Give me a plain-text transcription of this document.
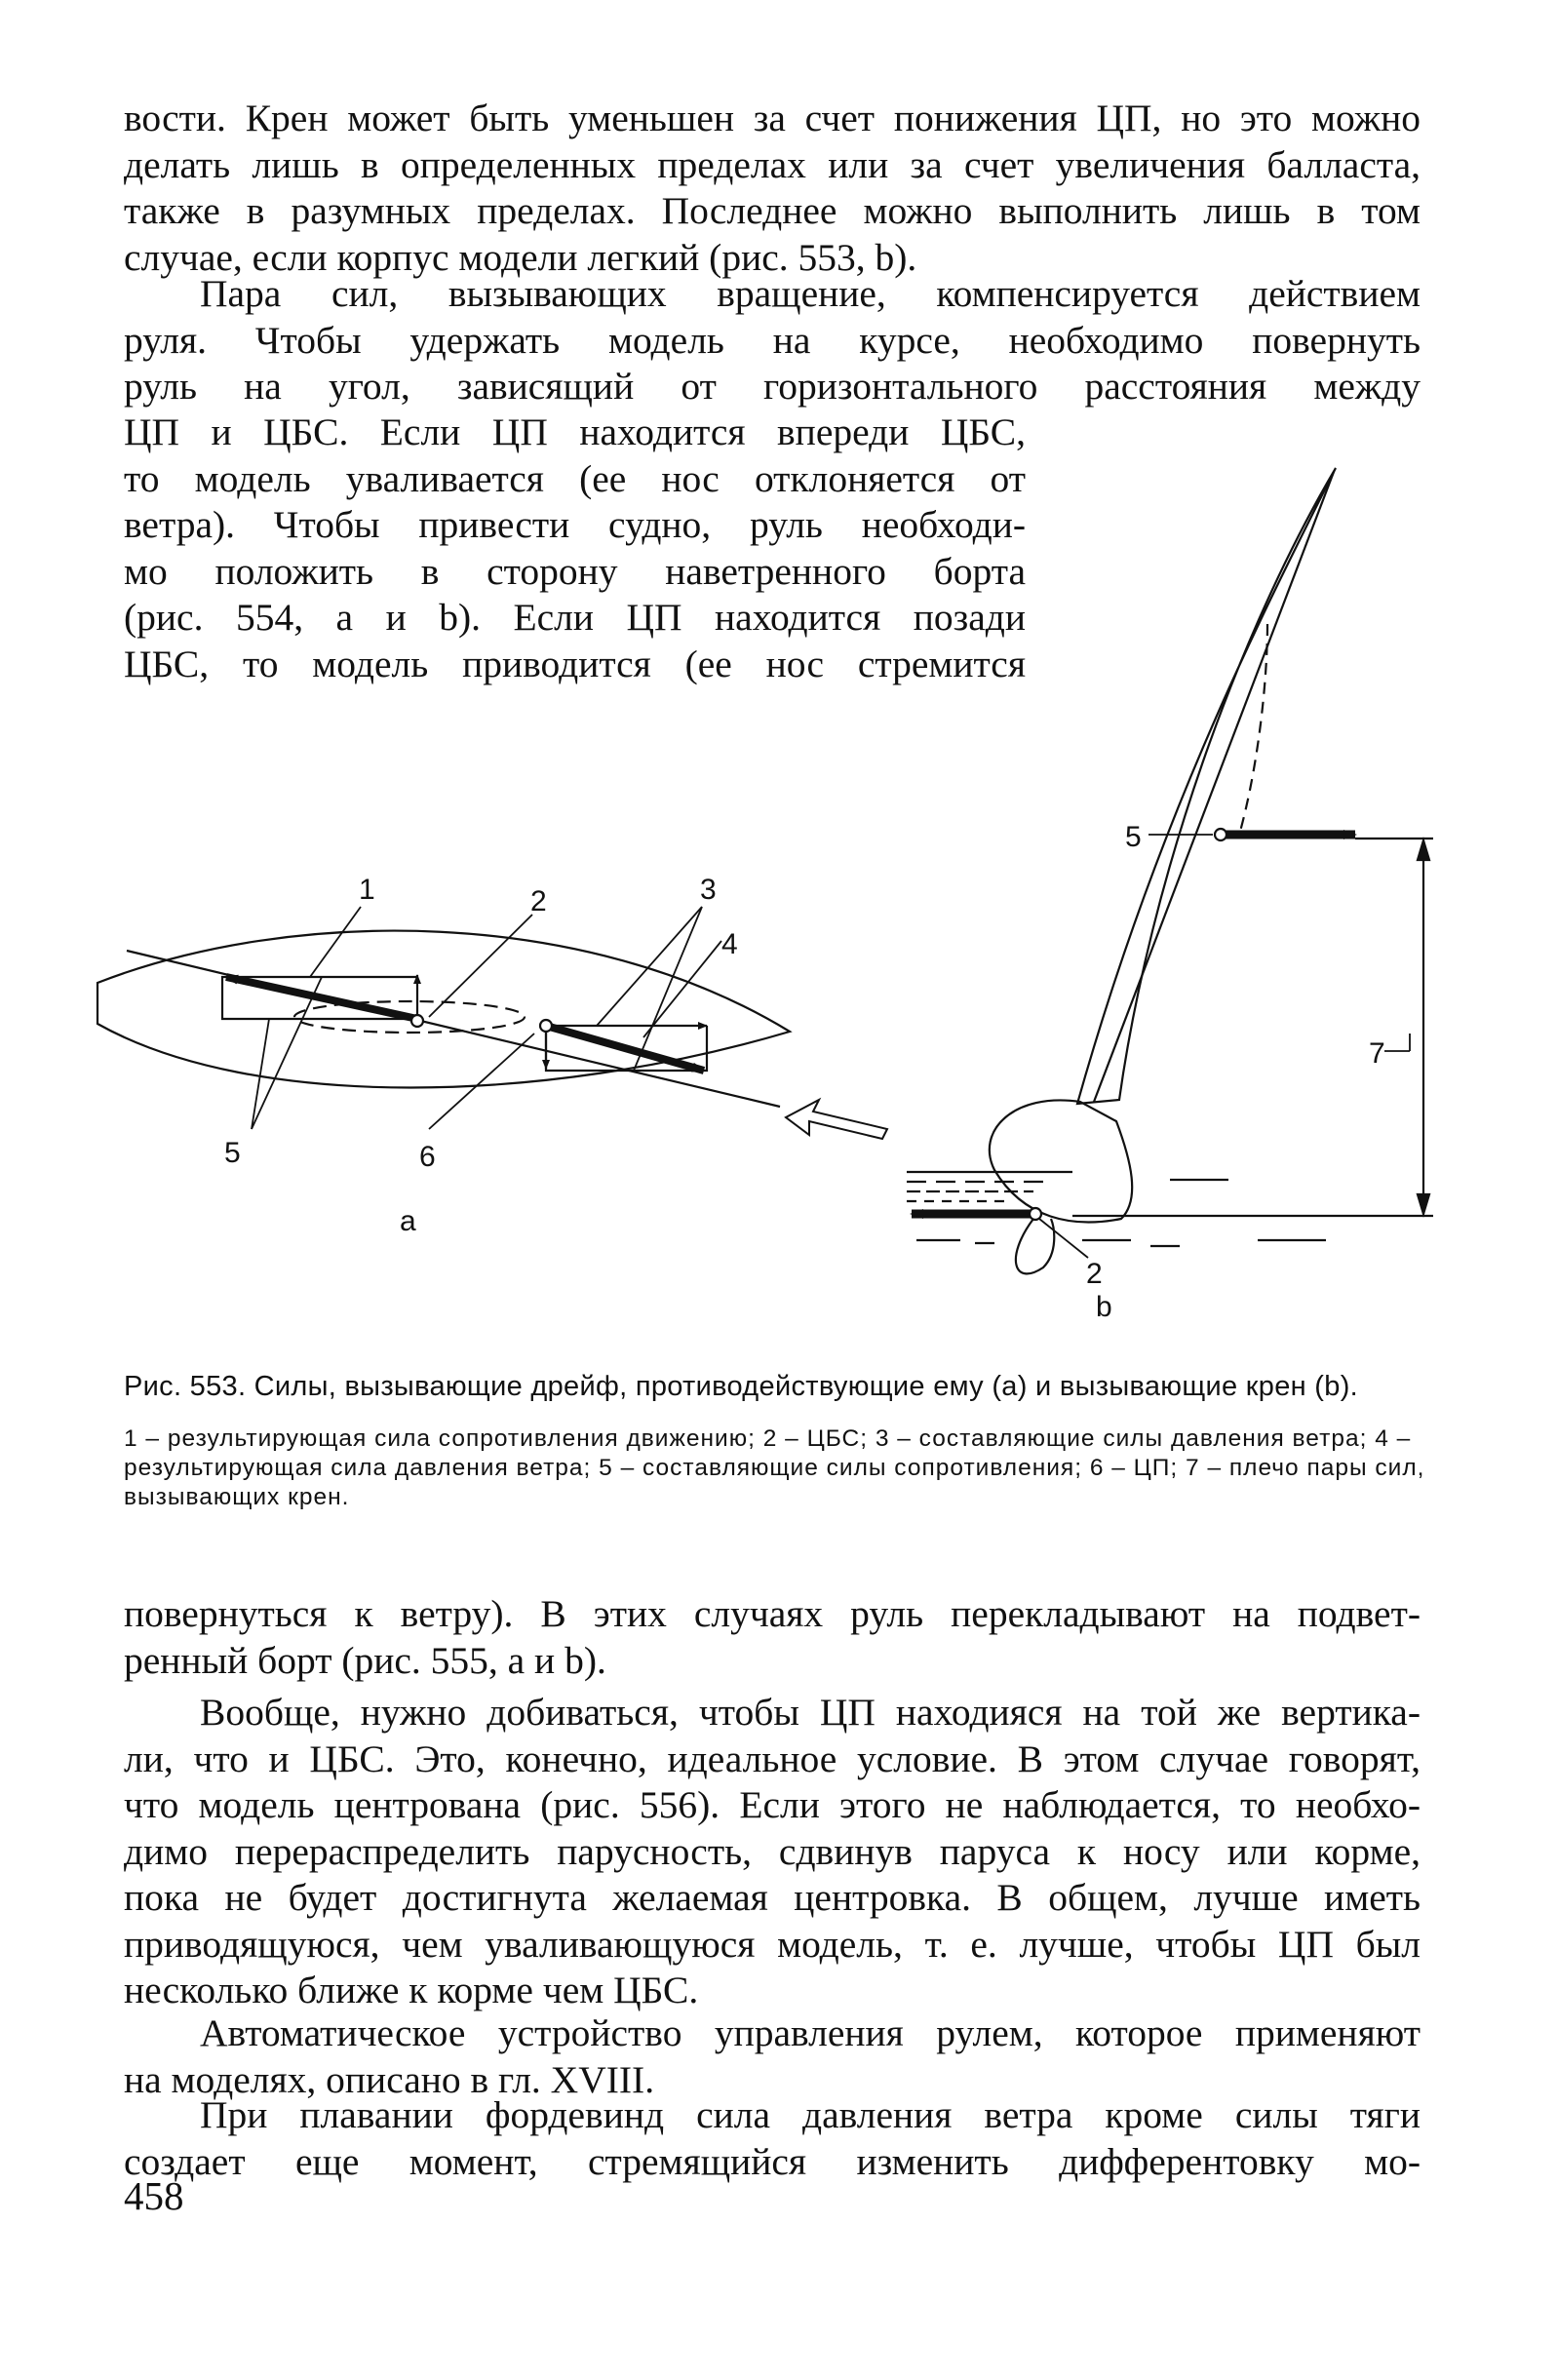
вости. Крен может быть уменьшен за счет понижения ЦП, но это можно
делать лишь в определенных пределах или за счет увеличения балласта,
также в разумных пределах. Последнее можно выполнить лишь в том
случае, если корпус модели легкий (рис. 553, b).
Пара сил, вызывающих вращение, компенсируется действием
руля. Чтобы удержать модель на курсе, необходимо повернуть
руль на угол, зависящий от горизонтального расстояния между
ЦП и ЦБС. Если ЦП находится впереди ЦБС,
то модель уваливается (ее нос отклоняется от
ветра). Чтобы привести судно, руль необходи-
мо положить в сторону наветренного борта
(рис. 554, а и b). Если ЦП находится позади
ЦБС, то модель приводится (ее нос стремится
1	2	3
4
5	6
a
5
7
2
b
Рис. 553. Силы, вызывающие дрейф, противодействующие ему (a) и вызывающие крен (b).
1 – результирующая сила сопротивления движению; 2 – ЦБС; 3 – составляющие силы давления ветра; 4 – результирующая сила давления ветра; 5 – составляющие силы сопротивления; 6 – ЦП; 7 – плечо пары сил, вызывающих крен.
повернуться к ветру). В этих случаях руль перекладывают на подвет-
ренный борт (рис. 555, а и b).
Вообще, нужно добиваться, чтобы ЦП находияся на той же вертика-
ли, что и ЦБС. Это, конечно, идеальное условие. В этом случае говорят,
что модель центрована (рис. 556). Если этого не наблюдается, то необхо-
димо перераспределить парусность, сдвинув паруса к носу или корме,
пока не будет достигнута желаемая центровка. В общем, лучше иметь
приводящуюся, чем уваливающуюся модель, т. е. лучше, чтобы ЦП был
несколько ближе к корме чем ЦБС.
Автоматическое устройство управления рулем, которое применяют
на моделях, описано в гл. XVIII.
При плавании фордевинд сила давления ветра кроме силы тяги
создает еще момент, стремящийся изменить дифферентовку мо-
458
